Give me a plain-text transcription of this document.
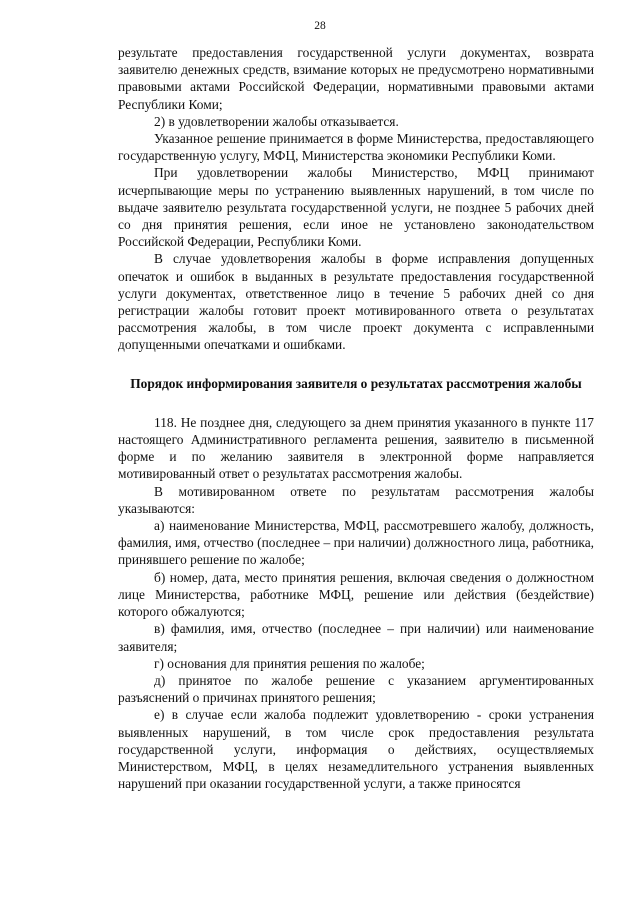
28

результате предоставления государственной услуги документах, возврата заявителю денежных средств, взимание которых не предусмотрено нормативными правовыми актами Российской Федерации, нормативными правовыми актами Республики Коми;

2) в удовлетворении жалобы отказывается.

Указанное решение принимается в форме Министерства, предоставляющего государственную услугу, МФЦ, Министерства экономики Республики Коми.

При удовлетворении жалобы Министерство, МФЦ принимают исчерпывающие меры по устранению выявленных нарушений, в том числе по выдаче заявителю результата государственной услуги, не позднее 5 рабочих дней со дня принятия решения, если иное не установлено законодательством Российской Федерации, Республики Коми.

В случае удовлетворения жалобы в форме исправления допущенных опечаток и ошибок в выданных в результате предоставления государственной услуги документах, ответственное лицо в течение 5 рабочих дней со дня регистрации жалобы готовит проект мотивированного ответа о результатах рассмотрения жалобы, в том числе проект документа с исправленными допущенными опечатками и ошибками.

Порядок информирования заявителя о результатах рассмотрения жалобы

118. Не позднее дня, следующего за днем принятия указанного в пункте 117 настоящего Административного регламента решения, заявителю в письменной форме и по желанию заявителя в электронной форме направляется мотивированный ответ о результатах рассмотрения жалобы.

В мотивированном ответе по результатам рассмотрения жалобы указываются:

а) наименование Министерства, МФЦ, рассмотревшего жалобу, должность, фамилия, имя, отчество (последнее – при наличии) должностного лица, работника, принявшего решение по жалобе;

б) номер, дата, место принятия решения, включая сведения о должностном лице Министерства, работнике МФЦ, решение или действия (бездействие) которого обжалуются;

в) фамилия, имя, отчество (последнее – при наличии) или наименование заявителя;

г) основания для принятия решения по жалобе;

д) принятое по жалобе решение с указанием аргументированных разъяснений о причинах принятого решения;

е) в случае если жалоба подлежит удовлетворению - сроки устранения выявленных нарушений, в том числе срок предоставления результата государственной услуги, информация о действиях, осуществляемых Министерством, МФЦ, в целях незамедлительного устранения выявленных нарушений при оказании государственной услуги, а также приносятся
